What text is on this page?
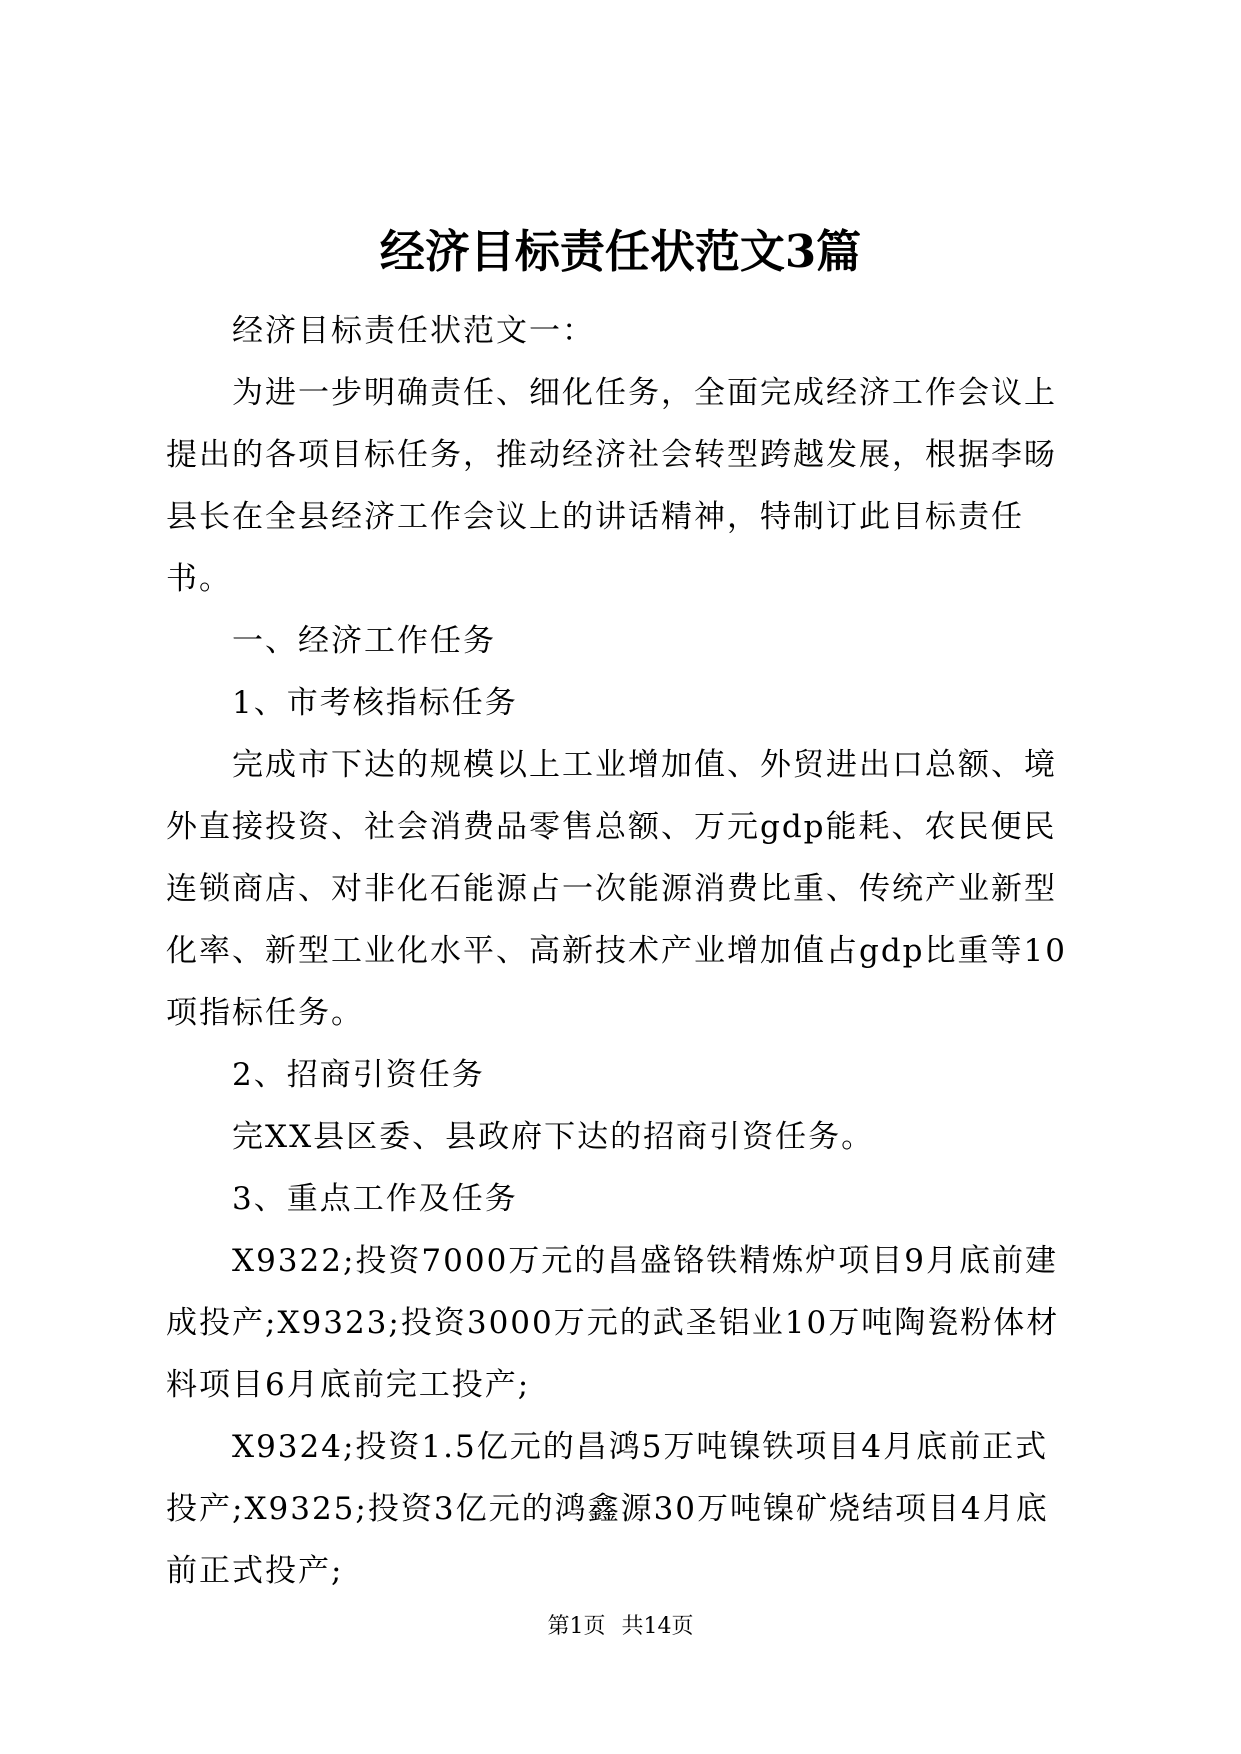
经济目标责任状范文3篇

经济目标责任状范文一：

为进一步明确责任、细化任务，全面完成经济工作会议上提出的各项目标任务，推动经济社会转型跨越发展，根据李旸县长在全县经济工作会议上的讲话精神，特制订此目标责任书。

一、经济工作任务

1、市考核指标任务

完成市下达的规模以上工业增加值、外贸进出口总额、境外直接投资、社会消费品零售总额、万元gdp能耗、农民便民连锁商店、对非化石能源占一次能源消费比重、传统产业新型化率、新型工业化水平、高新技术产业增加值占gdp比重等10项指标任务。

2、招商引资任务

完XX县区委、县政府下达的招商引资任务。

3、重点工作及任务

X9322;投资7000万元的昌盛铬铁精炼炉项目9月底前建成投产;X9323;投资3000万元的武圣铝业10万吨陶瓷粉体材料项目6月底前完工投产;

X9324;投资1.5亿元的昌鸿5万吨镍铁项目4月底前正式投产;X9325;投资3亿元的鸿鑫源30万吨镍矿烧结项目4月底前正式投产;

第1页 共14页
